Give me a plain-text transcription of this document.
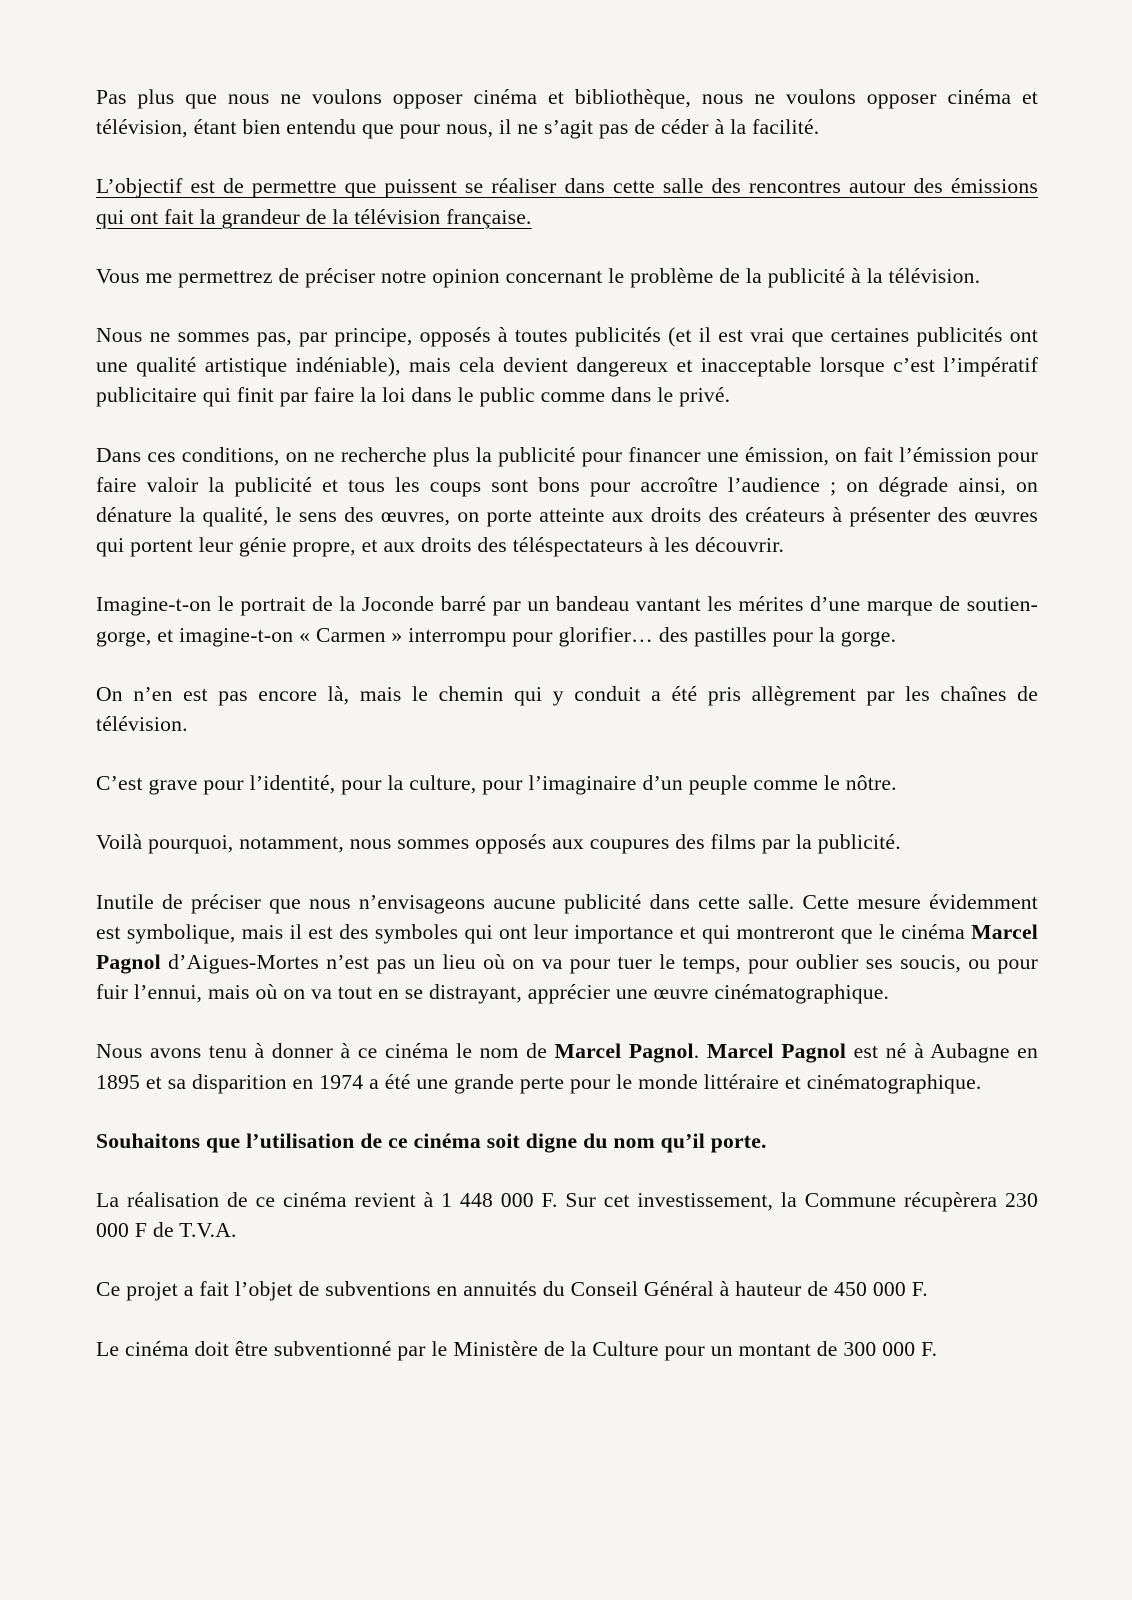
Pas plus que nous ne voulons opposer cinéma et bibliothèque, nous ne voulons opposer cinéma et télévision, étant bien entendu que pour nous, il ne s’agit pas de céder à la facilité.

L’objectif est de permettre que puissent se réaliser dans cette salle des rencontres autour des émissions qui ont fait la grandeur de la télévision française.

Vous me permettrez de préciser notre opinion concernant le problème de la publicité à la télévision.

Nous ne sommes pas, par principe, opposés à toutes publicités (et il est vrai que certaines publicités ont une qualité artistique indéniable), mais cela devient dangereux et inacceptable lorsque c’est l’impératif publicitaire qui finit par faire la loi dans le public comme dans le privé.

Dans ces conditions, on ne recherche plus la publicité pour financer une émission, on fait l’émission pour faire valoir la publicité et tous les coups sont bons pour accroître l’audience ; on dégrade ainsi, on dénature la qualité, le sens des œuvres, on porte atteinte aux droits des créateurs à présenter des œuvres qui portent leur génie propre, et aux droits des téléspectateurs à les découvrir.

Imagine-t-on le portrait de la Joconde barré par un bandeau vantant les mérites d’une marque de soutien-gorge, et imagine-t-on « Carmen » interrompu pour glorifier… des pastilles pour la gorge.

On n’en est pas encore là, mais le chemin qui y conduit a été pris allègrement par les chaînes de télévision.

C’est grave pour l’identité, pour la culture, pour l’imaginaire d’un peuple comme le nôtre.

Voilà pourquoi, notamment, nous sommes opposés aux coupures des films par la publicité.

Inutile de préciser que nous n’envisageons aucune publicité dans cette salle. Cette mesure évidemment est symbolique, mais il est des symboles qui ont leur importance et qui montreront que le cinéma Marcel Pagnol d’Aigues-Mortes n’est pas un lieu où on va pour tuer le temps, pour oublier ses soucis, ou pour fuir l’ennui, mais où on va tout en se distrayant, apprécier une œuvre cinématographique.

Nous avons tenu à donner à ce cinéma le nom de Marcel Pagnol. Marcel Pagnol est né à Aubagne en 1895 et sa disparition en 1974 a été une grande perte pour le monde littéraire et cinématographique.

Souhaitons que l’utilisation de ce cinéma soit digne du nom qu’il porte.

La réalisation de ce cinéma revient à 1 448 000 F. Sur cet investissement, la Commune récupèrera 230 000 F de T.V.A.

Ce projet a fait l’objet de subventions en annuités du Conseil Général à hauteur de 450 000 F.

Le cinéma doit être subventionné par le Ministère de la Culture pour un montant de 300 000 F.
